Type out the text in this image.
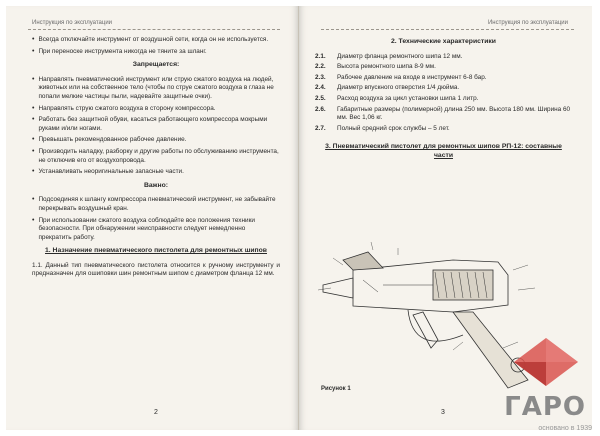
Инструкция по эксплуатации
• Всегда отключайте инструмент от воздушной сети, когда он не используется.
• При переноске инструмента никогда не тяните за шланг.
Запрещается:
• Направлять пневматический инструмент или струю сжатого воздуха на людей, животных или на собственное тело (чтобы по струе сжатого воздуха в глаза не попали мелкие частицы пыли, надевайте защитные очки).
• Направлять струю сжатого воздуха в сторону компрессора.
• Работать без защитной обуви, касаться работающего компрессора мокрыми руками и/или ногами.
• Превышать рекомендованное рабочее давление.
• Производить наладку, разборку и другие работы по обслуживанию инструмента, не отключив его от воздухопровода.
• Устанавливать неоригинальные запасные части.
Важно:
• Подсоединяя к шлангу компрессора пневматический инструмент, не забывайте перекрывать воздушный кран.
• При использовании сжатого воздуха соблюдайте все положения техники безопасности. При обнаружении неисправности следует немедленно прекратить работу.
1. Назначение пневматического пистолета для ремонтных шипов
1.1. Данный тип пневматического пистолета относится к ручному инструменту и предназначен для ошиповки шин ремонтным шипом с диаметром фланца 12 мм.
2
Инструкция по эксплуатации
2. Технические характеристики
2.1.	Диаметр фланца ремонтного шипа 12 мм.
2.2.	Высота ремонтного шипа 8-9 мм.
2.3.	Рабочее давление на входе в инструмент 6-8 бар.
2.4.	Диаметр впускного отверстия 1/4 дюйма.
2.5.	Расход воздуха за цикл установки шипа 1 литр.
2.6.	Габаритные размеры (полимерной) длина 250 мм. Высота 180 мм. Ширина 60 мм. Вес 1,06 кг.
2.7.	Полный средний срок службы – 5 лет.
3. Пневматический пистолет для ремонтных шипов РП-12: составные части
Рисунок 1
3 ГАРО
основано в 1939
